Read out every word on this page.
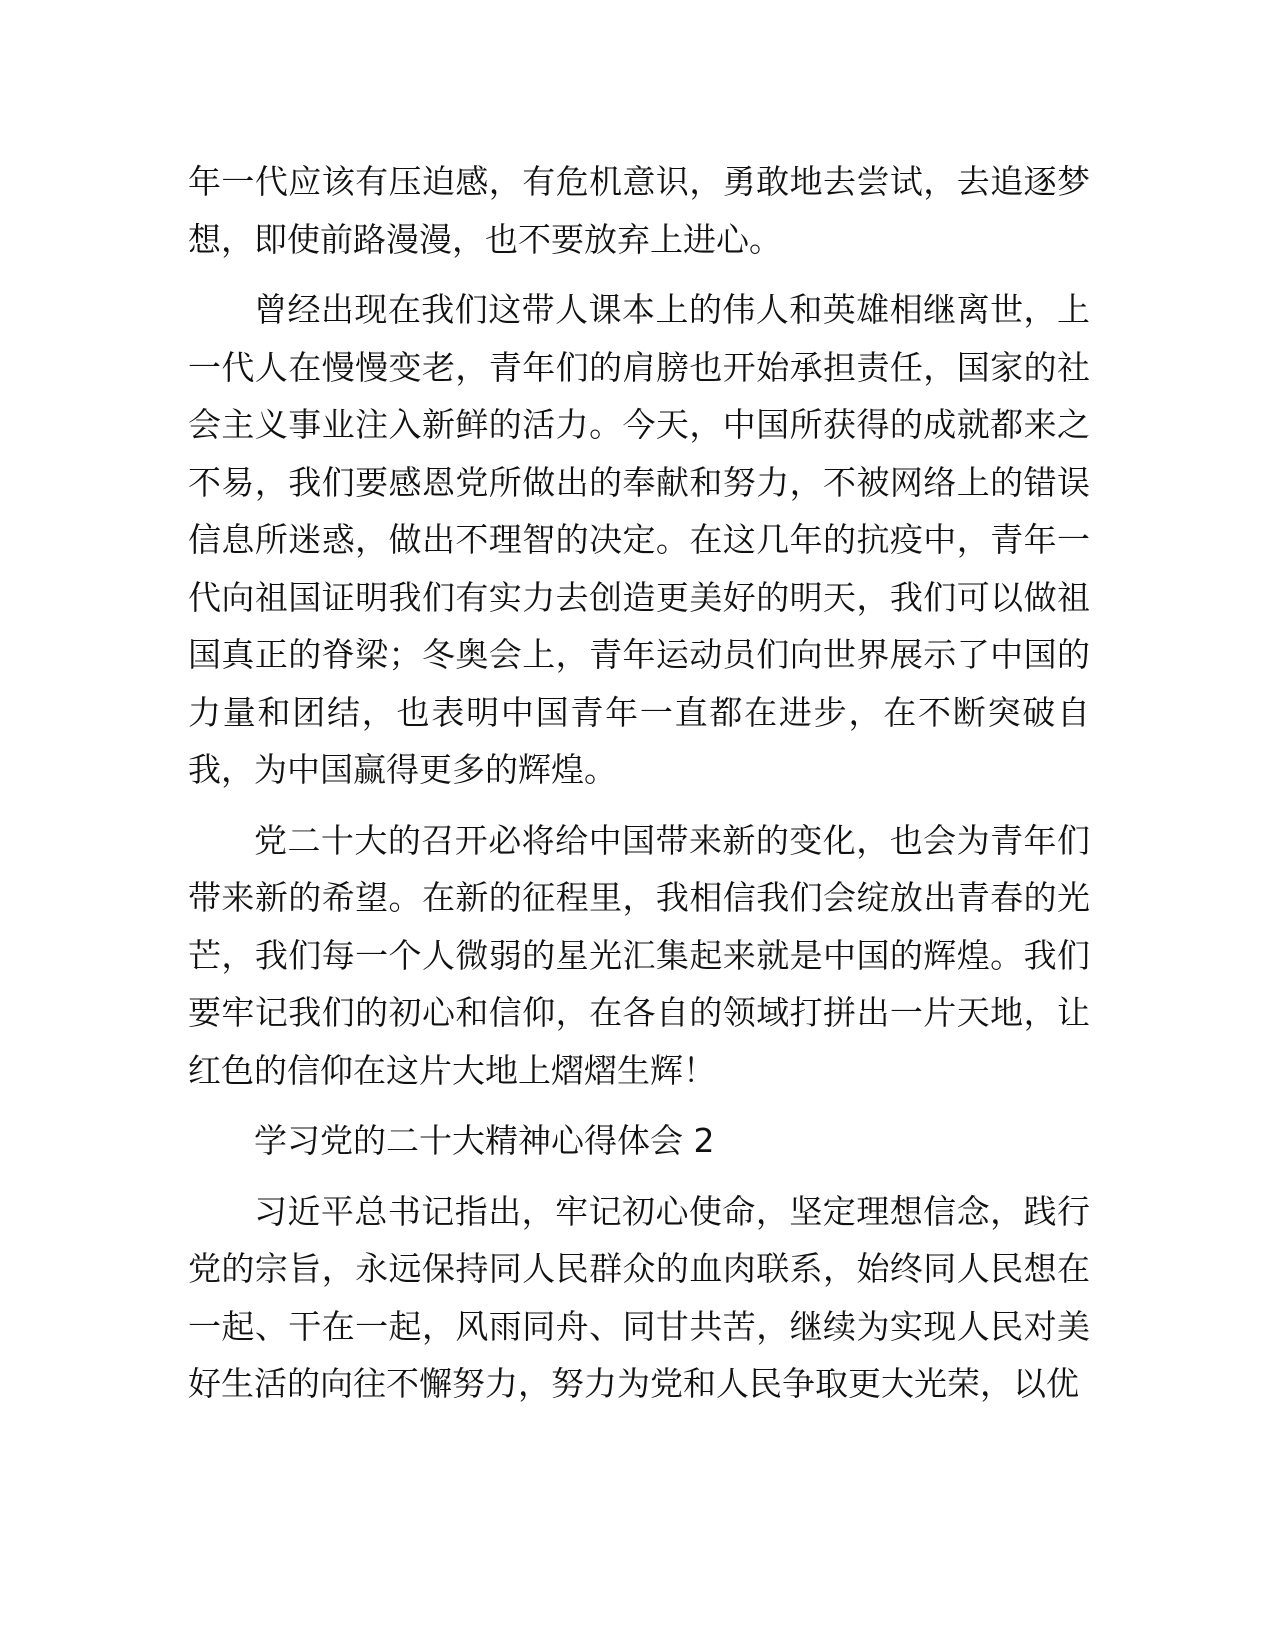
年一代应该有压迫感，有危机意识，勇敢地去尝试，去追逐梦想，即使前路漫漫，也不要放弃上进心。

曾经出现在我们这带人课本上的伟人和英雄相继离世，上一代人在慢慢变老，青年们的肩膀也开始承担责任，国家的社会主义事业注入新鲜的活力。今天，中国所获得的成就都来之不易，我们要感恩党所做出的奉献和努力，不被网络上的错误信息所迷惑，做出不理智的决定。在这几年的抗疫中，青年一代向祖国证明我们有实力去创造更美好的明天，我们可以做祖国真正的脊梁；冬奥会上，青年运动员们向世界展示了中国的力量和团结，也表明中国青年一直都在进步，在不断突破自我，为中国赢得更多的辉煌。

党二十大的召开必将给中国带来新的变化，也会为青年们带来新的希望。在新的征程里，我相信我们会绽放出青春的光芒，我们每一个人微弱的星光汇集起来就是中国的辉煌。我们要牢记我们的初心和信仰，在各自的领域打拼出一片天地，让红色的信仰在这片大地上熠熠生辉！

学习党的二十大精神心得体会 2

习近平总书记指出，牢记初心使命，坚定理想信念，践行党的宗旨，永远保持同人民群众的血肉联系，始终同人民想在一起、干在一起，风雨同舟、同甘共苦，继续为实现人民对美好生活的向往不懈努力，努力为党和人民争取更大光荣，以优
